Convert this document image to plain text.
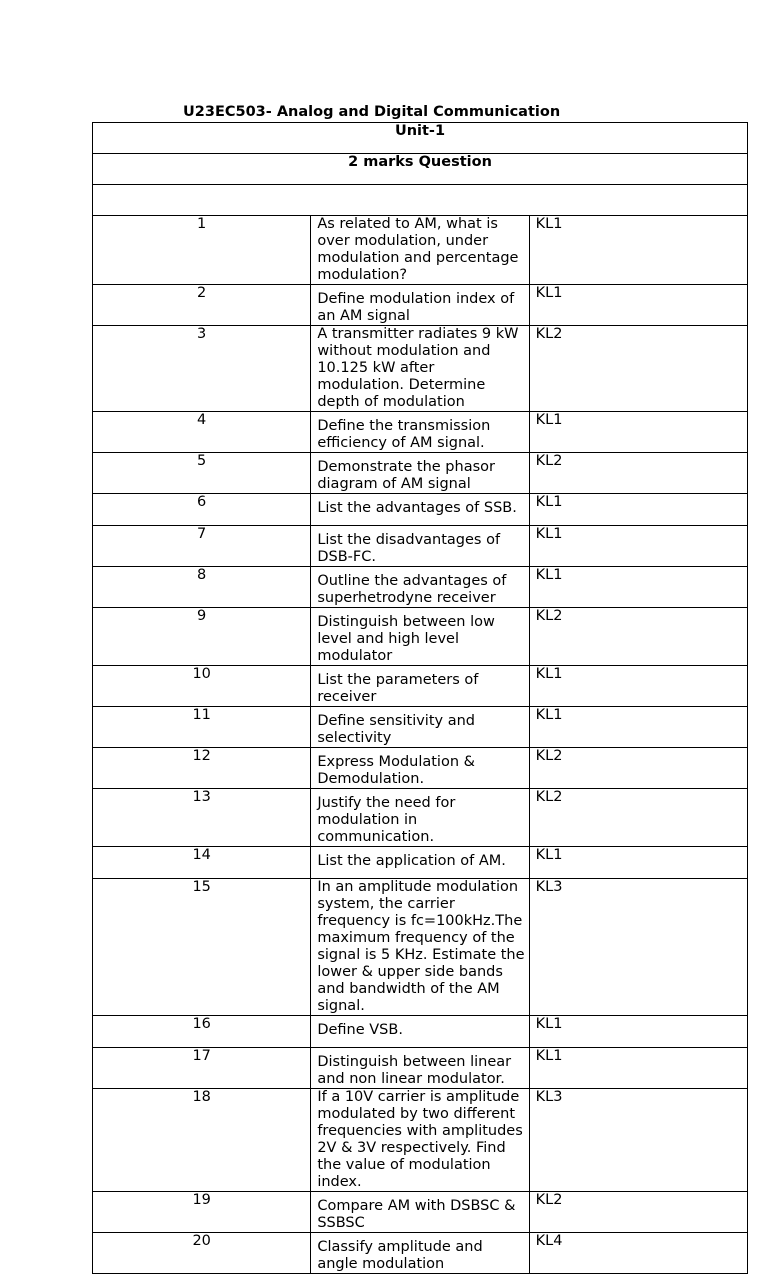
U23EC503- Analog and Digital Communication
Unit-1		
2 marks Question		

1	As related to AM, what is over modulation, under modulation and percentage modulation?	KL1

2	Define modulation index of an AM signal	KL1

3	A transmitter radiates 9 kW without modulation and 10.125 kW after modulation. Determine depth of modulation	KL2

4	Define the transmission efficiency of AM signal.	KL1

5	Demonstrate the phasor diagram of AM signal	KL2

6	List the advantages of SSB.	KL1

7	List the disadvantages of DSB-FC.	KL1

8	Outline the advantages of superhetrodyne receiver	KL1

9	Distinguish between low level and high level modulator	KL2

10	List the parameters of receiver	KL1

11	Define sensitivity and selectivity	KL1

12	Express Modulation & Demodulation.	KL2

13	Justify the need for modulation in communication.	KL2

14	List the application of AM.	KL1

15	In an amplitude modulation system, the carrier frequency is fc=100kHz.The maximum frequency of the signal is 5 KHz. Estimate the lower & upper side bands and bandwidth of the AM signal.	KL3

16	Define VSB.	KL1

17	Distinguish between linear and non linear modulator.	KL1

18	If a 10V carrier is amplitude modulated by two different frequencies with amplitudes 2V & 3V respectively. Find the value of modulation index.	KL3

19	Compare AM with DSBSC & SSBSC	KL2

20	Classify amplitude and angle modulation	KL4
